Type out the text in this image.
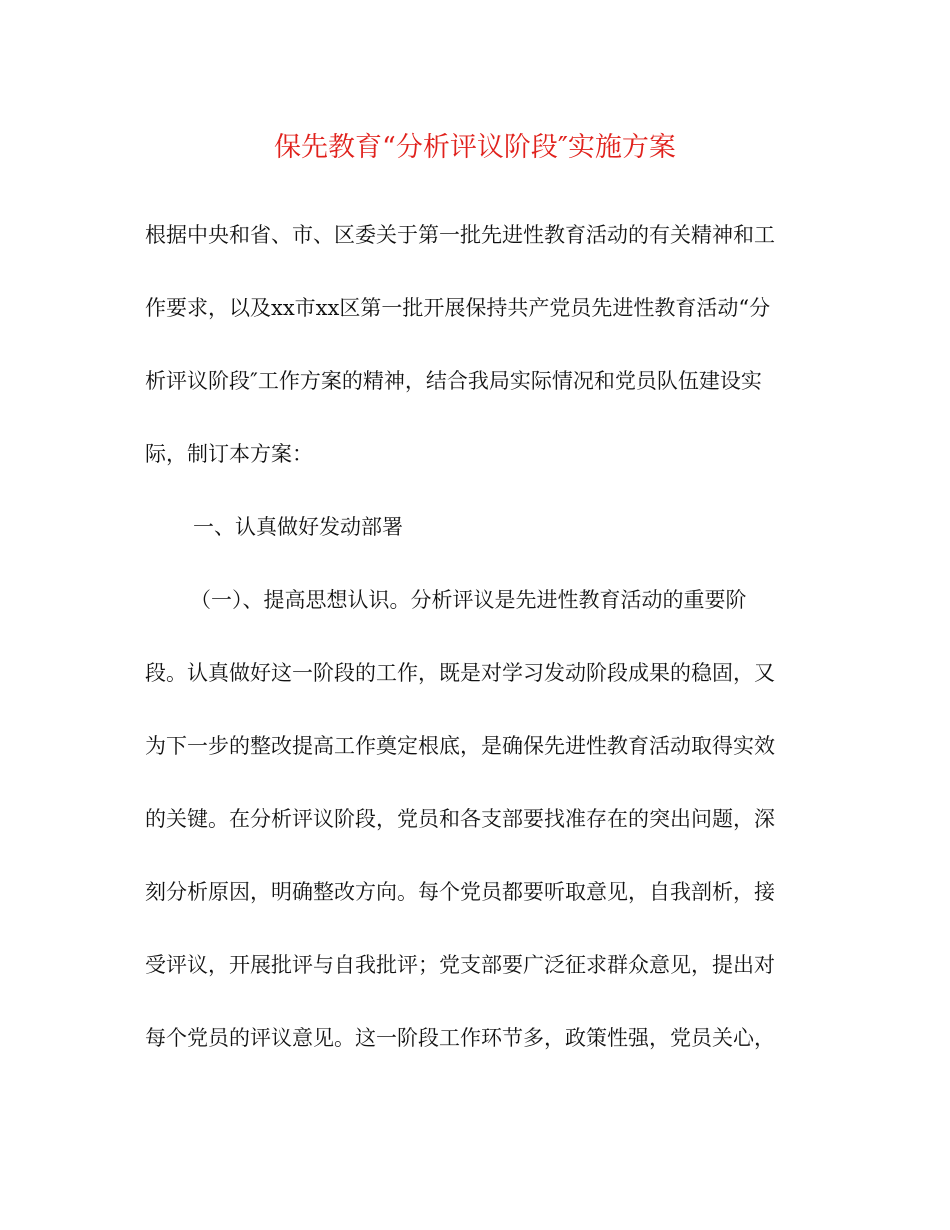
保先教育“分析评议阶段″实施方案
根据中央和省、市、区委关于第一批先进性教育活动的有关精神和工
作要求，以及xx市xx区第一批开展保持共产党员先进性教育活动“分
析评议阶段″工作方案的精神，结合我局实际情况和党员队伍建设实
际，制订本方案：
一、认真做好发动部署
（一）、提高思想认识。分析评议是先进性教育活动的重要阶
段。认真做好这一阶段的工作，既是对学习发动阶段成果的稳固，又
为下一步的整改提高工作奠定根底，是确保先进性教育活动取得实效
的关键。在分析评议阶段，党员和各支部要找准存在的突出问题，深
刻分析原因，明确整改方向。每个党员都要听取意见，自我剖析，接
受评议，开展批评与自我批评；党支部要广泛征求群众意见，提出对
每个党员的评议意见。这一阶段工作环节多，政策性强，党员关心，
